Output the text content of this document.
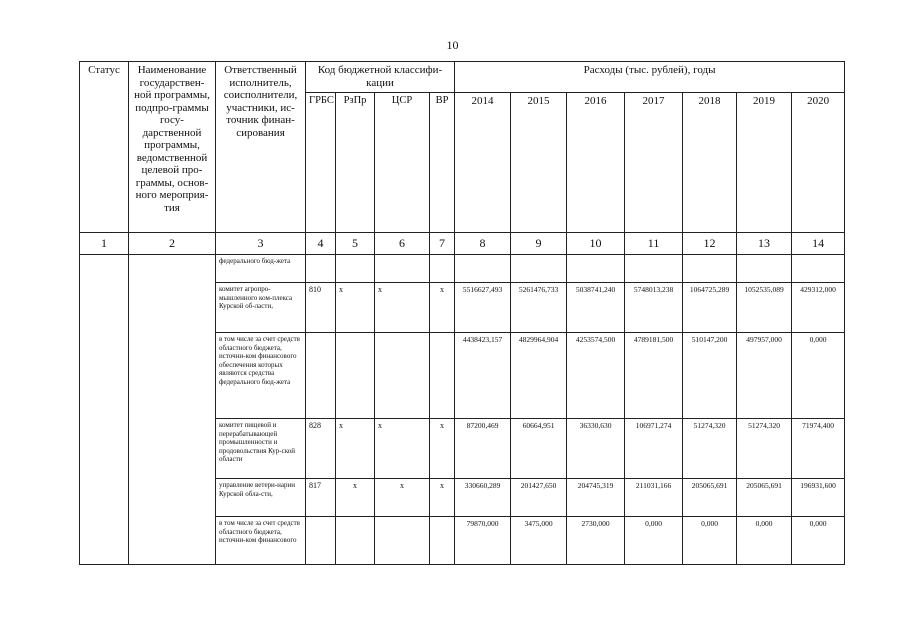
10
Статус	Наименование государствен-ной программы, подпро-граммы госу-дарственной программы, ведомственной целевой про-граммы, основ-ного мероприя-тия	Ответственный исполнитель, соисполнители, участники, ис-точник финан-сирования	Код бюджетной классифи-кации				Расходы (тыс. рублей), годы						
			ГРБС	РзПр	ЦСР	ВР	2014	2015	2016	2017	2018	2019	2020
1	2	3	4	5	6	7	8	9	10	11	12	13	14
		федерального бюд-жета											
		комитет агропро-мышленного ком-плекса Курской об-ласти,	810	х	х	х	5516627,493	5261476,733	5038741,240	5748013,238	1064725,289	1052535,089	429312,000
		в том числе за счет средств областного бюджета, источни-ком финансового обеспечения которых являются средства федерального бюд-жета					4438423,157	4829964,904	4253574,500	4789181,500	510147,200	497957,000	0,000
		комитет пищевой и перерабатывающей промышленности и продовольствия Кур-ской области	828	х	х	х	87200,469	60664,951	36330,630	106971,274	51274,320	51274,320	71974,400
		управление ветери-нарии Курской обла-сти,	817	х	х	х	330660,289	201427,650	204745,319	211031,166	205065,691	205065,691	196931,600
		в том числе за счет средств областного бюджета, источни-ком финансового					79870,000	3475,000	2730,000	0,000	0,000	0,000	0,000
